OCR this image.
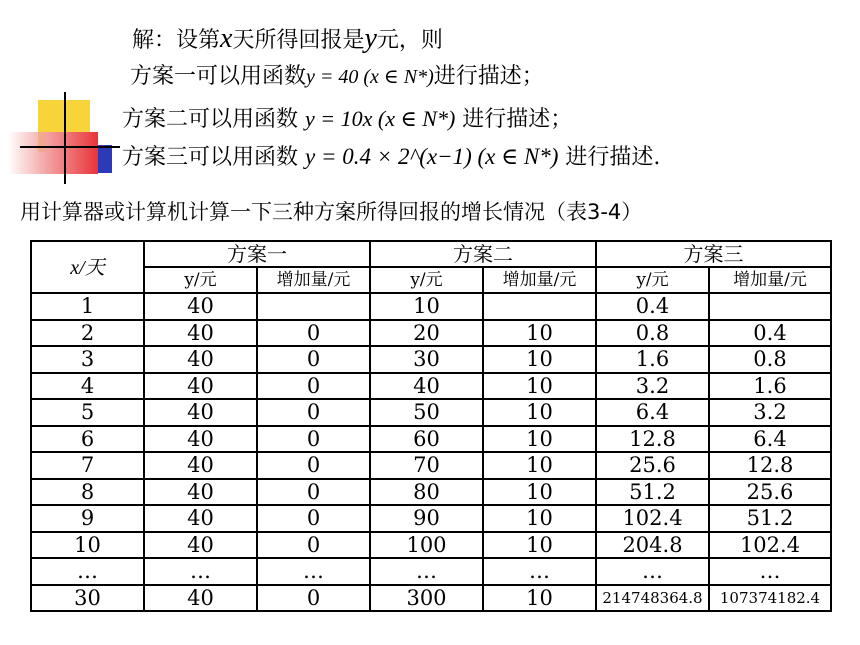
解：设第x天所得回报是y元，则
方案一可以用函数y = 40 (x ∈ N*)进行描述；
方案二可以用函数 y = 10x (x ∈ N*) 进行描述；
方案三可以用函数 y = 0.4 × 2^(x−1) (x ∈ N*) 进行描述.
用计算器或计算机计算一下三种方案所得回报的增长情况（表3-4）
x/天	方案一		方案二		方案三	
	y/元	增加量/元	y/元	增加量/元	y/元	增加量/元
1	40		10		0.4	
2	40	0	20	10	0.8	0.4
3	40	0	30	10	1.6	0.8
4	40	0	40	10	3.2	1.6
5	40	0	50	10	6.4	3.2
6	40	0	60	10	12.8	6.4
7	40	0	70	10	25.6	12.8
8	40	0	80	10	51.2	25.6
9	40	0	90	10	102.4	51.2
10	40	0	100	10	204.8	102.4
…	…	…	…	…	…	…
30	40	0	300	10	214748364.8	107374182.4
